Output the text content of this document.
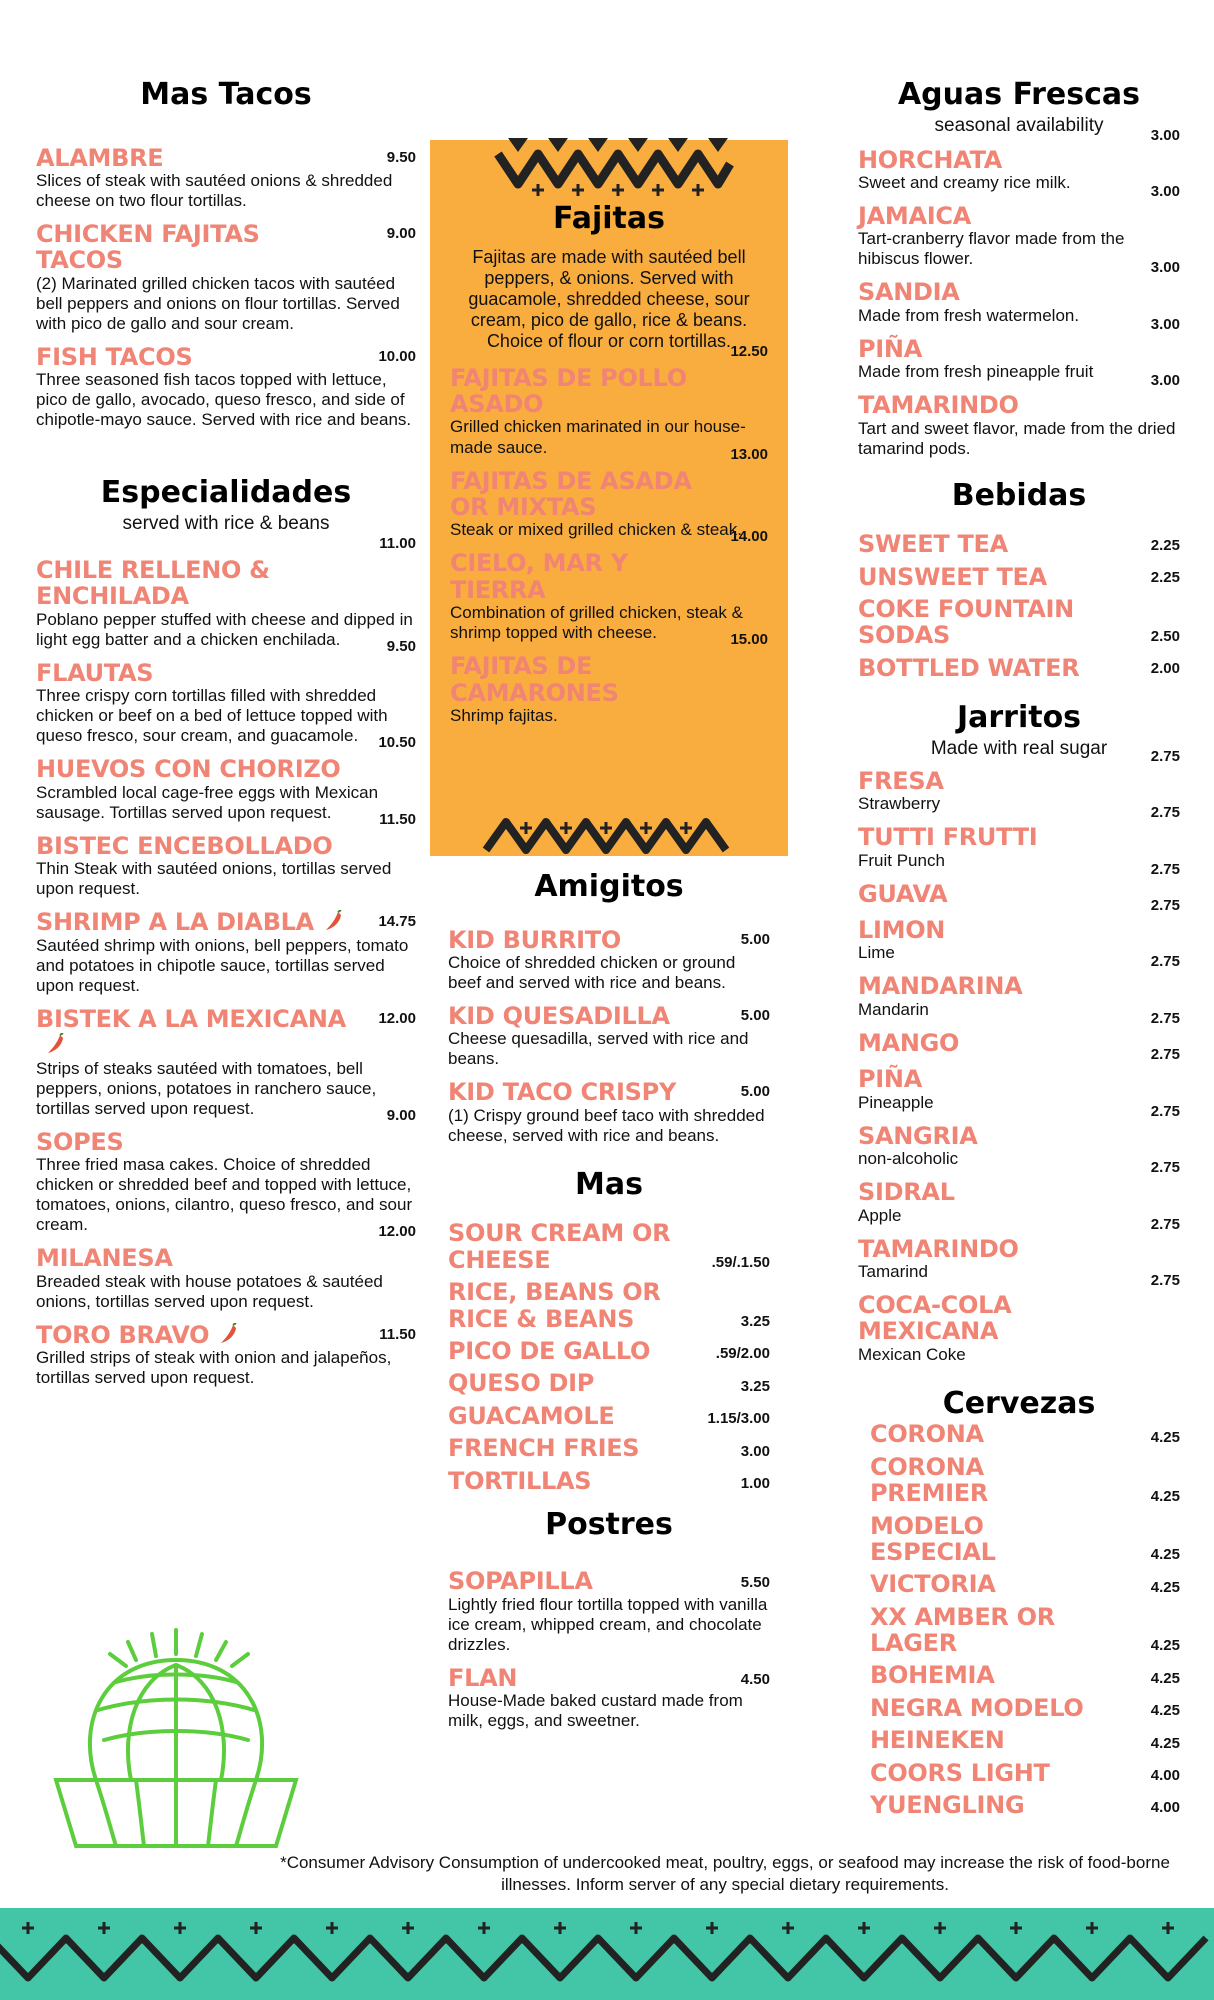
Mas Tacos
9.50
ALAMBRE
Slices of steak with sautéed onions & shredded cheese on two flour tortillas.
9.00
CHICKEN FAJITAS TACOS
(2) Marinated grilled chicken tacos with sautéed bell peppers and onions on flour tortillas. Served with pico de gallo and sour cream.
10.00
FISH TACOS
Three seasoned fish tacos topped with lettuce, pico de gallo, avocado, queso fresco, and side of chipotle-mayo sauce. Served with rice and beans.
Especialidades
served with rice & beans
11.00
CHILE RELLENO & ENCHILADA
Poblano pepper stuffed with cheese and dipped in light egg batter and a chicken enchilada.	9.50
FLAUTAS
Three crispy corn tortillas filled with shredded chicken or beef on a bed of lettuce topped with queso fresco, sour cream, and guacamole.	10.50
HUEVOS CON CHORIZO
Scrambled local cage-free eggs with Mexican sausage. Tortillas served upon request.	11.50
BISTEC ENCEBOLLADO
Thin Steak with sautéed onions, tortillas served upon request.
14.75
SHRIMP A LA DIABLA
Sautéed shrimp with onions, bell peppers, tomato and potatoes in chipotle sauce, tortillas served upon request.
12.00
BISTEK A LA MEXICANA
Strips of steaks sautéed with tomatoes, bell peppers, onions, potatoes in ranchero sauce, tortillas served upon request.	9.00
SOPES
Three fried masa cakes. Choice of shredded chicken or shredded beef and topped with lettuce, tomatoes, onions, cilantro, queso fresco, and sour cream.	12.00
MILANESA
Breaded steak with house potatoes & sautéed onions, tortillas served upon request.
11.50
TORO BRAVO
Grilled strips of steak with onion and jalapeños, tortillas served upon request.
Fajitas
Fajitas are made with sautéed bell peppers, & onions. Served with guacamole, shredded cheese, sour cream, pico de gallo, rice & beans. Choice of flour or corn tortillas. 12.50
FAJITAS DE POLLO ASADO
Grilled chicken marinated in our house-made sauce.	13.00
FAJITAS DE ASADA OR MIXTAS
Steak or mixed grilled chicken & steak.
14.00
CIELO, MAR Y TIERRA
Combination of grilled chicken, steak & shrimp topped with cheese.	15.00
FAJITAS DE CAMARONES
Shrimp fajitas.
Amigitos
5.00
KID BURRITO
Choice of shredded chicken or ground beef and served with rice and beans.
5.00
KID QUESADILLA
Cheese quesadilla, served with rice and beans.
5.00
KID TACO CRISPY
(1) Crispy ground beef taco with shredded cheese, served with rice and beans.
Mas
.59/.1.50
SOUR CREAM OR CHEESE
3.25
RICE, BEANS OR RICE & BEANS
.59/2.00
PICO DE GALLO
3.25
QUESO DIP
1.15/3.00
GUACAMOLE
3.00
FRENCH FRIES
1.00
TORTILLAS
Postres
5.50
SOPAPILLA
Lightly fried flour tortilla topped with vanilla ice cream, whipped cream, and chocolate drizzles.
4.50
FLAN
House-Made baked custard made from milk, eggs, and sweetner.
Aguas Frescas
seasonal availability	3.00
HORCHATA
Sweet and creamy rice milk.	3.00
JAMAICA
Tart-cranberry flavor made from the hibiscus flower.	3.00
SANDIA
Made from fresh watermelon.	3.00
PIÑA
Made from fresh pineapple fruit	3.00
TAMARINDO
Tart and sweet flavor, made from the dried tamarind pods.
Bebidas
2.25
SWEET TEA
2.25
UNSWEET TEA
2.50
COKE FOUNTAIN SODAS
2.00
BOTTLED WATER
Jarritos
Made with real sugar	2.75
FRESA
Strawberry	2.75
TUTTI FRUTTI
Fruit Punch	2.75
GUAVA	2.75
LIMON
Lime	2.75
MANDARINA
Mandarin	2.75
MANGO	2.75
PIÑA
Pineapple	2.75
SANGRIA
non-alcoholic	2.75
SIDRAL
Apple	2.75
TAMARINDO
Tamarind	2.75
COCA-COLA MEXICANA
Mexican Coke
Cervezas
4.25
CORONA
4.25
CORONA PREMIER
4.25
MODELO ESPECIAL
4.25
VICTORIA
4.25
XX AMBER OR LAGER
4.25
BOHEMIA
4.25
NEGRA MODELO
4.25
HEINEKEN
4.00
COORS LIGHT
4.00
YUENGLING
*Consumer Advisory Consumption of undercooked meat, poultry, eggs, or seafood may increase the risk of food-borne illnesses. Inform server of any special dietary requirements.
